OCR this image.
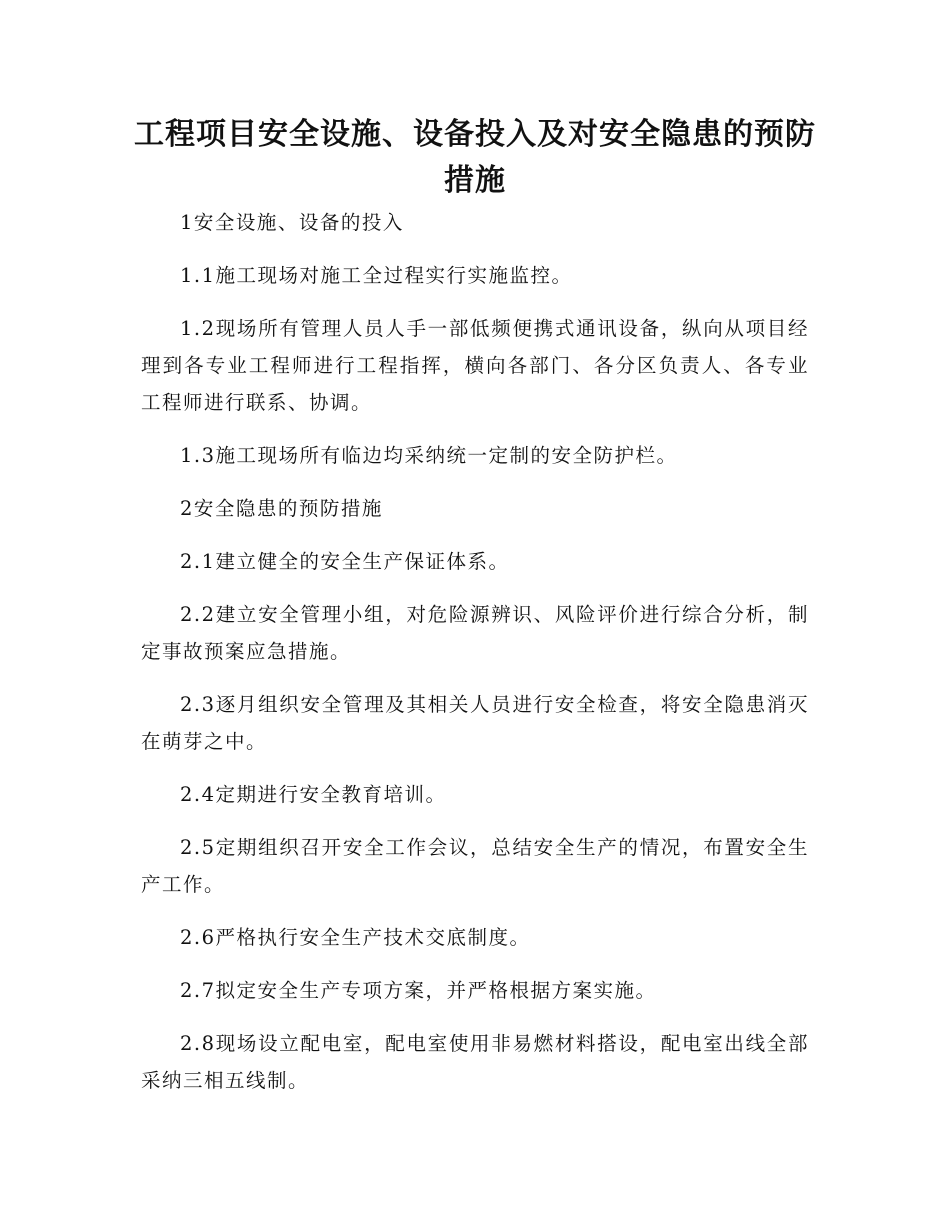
工程项目安全设施、设备投入及对安全隐患的预防措施

1安全设施、设备的投入

1.1施工现场对施工全过程实行实施监控。

1.2现场所有管理人员人手一部低频便携式通讯设备，纵向从项目经理到各专业工程师进行工程指挥，横向各部门、各分区负责人、各专业工程师进行联系、协调。

1.3施工现场所有临边均采纳统一定制的安全防护栏。

2安全隐患的预防措施

2.1建立健全的安全生产保证体系。

2.2建立安全管理小组，对危险源辨识、风险评价进行综合分析，制定事故预案应急措施。

2.3逐月组织安全管理及其相关人员进行安全检查，将安全隐患消灭在萌芽之中。

2.4定期进行安全教育培训。

2.5定期组织召开安全工作会议，总结安全生产的情况，布置安全生产工作。

2.6严格执行安全生产技术交底制度。

2.7拟定安全生产专项方案，并严格根据方案实施。

2.8现场设立配电室，配电室使用非易燃材料搭设，配电室出线全部采纳三相五线制。
